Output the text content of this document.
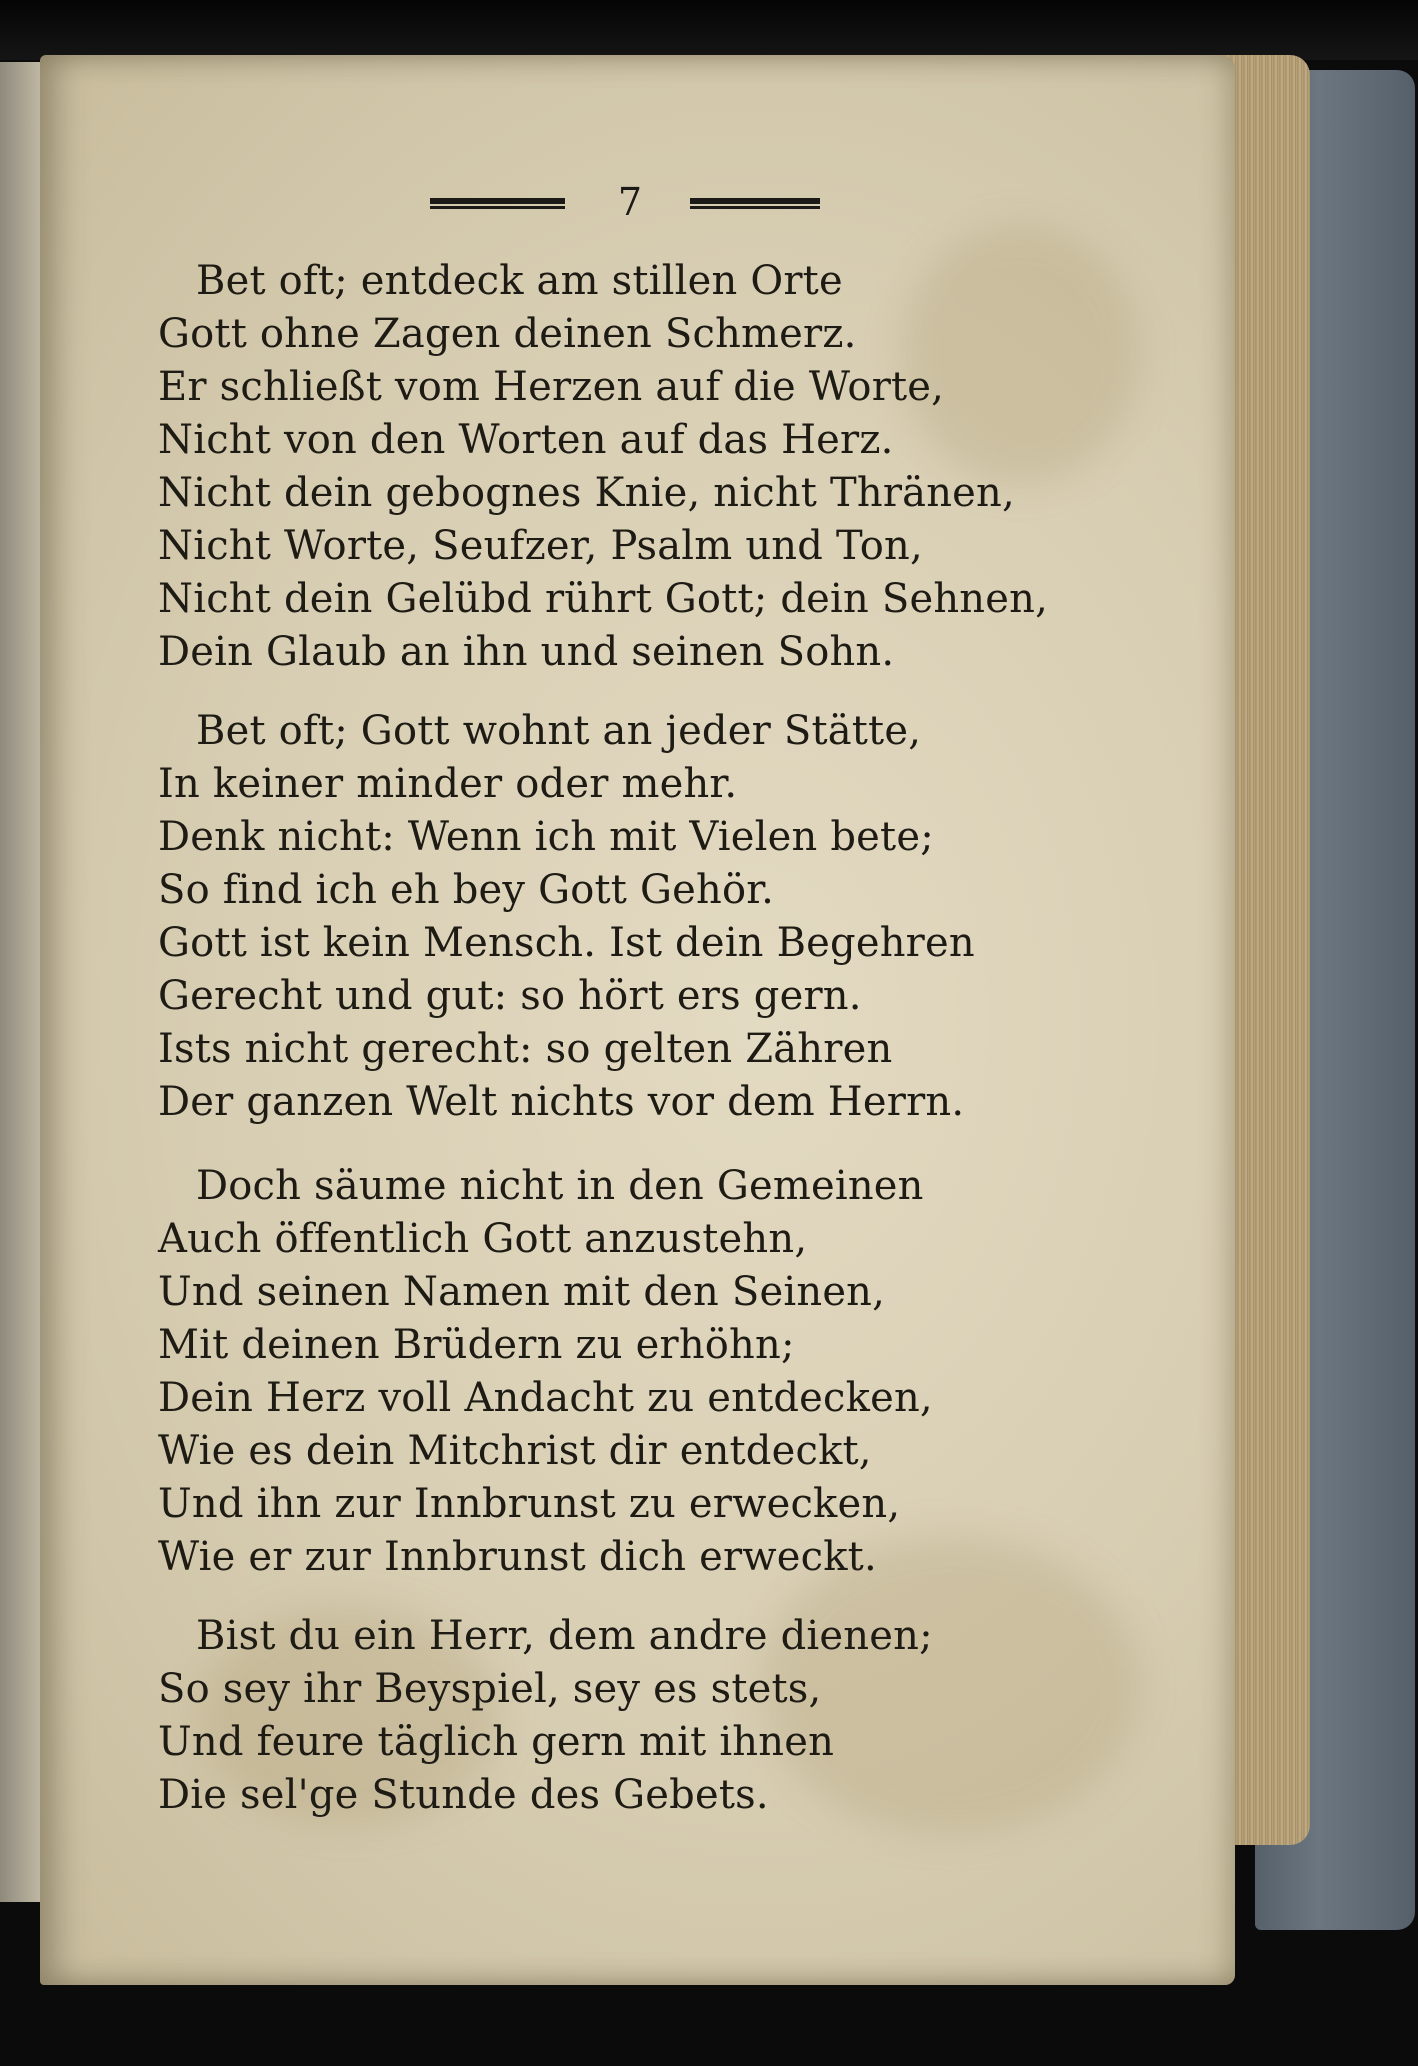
7
Bet oft; entdeck am stillen Orte
Gott ohne Zagen deinen Schmerz.
Er schließt vom Herzen auf die Worte,
Nicht von den Worten auf das Herz.
Nicht dein gebognes Knie, nicht Thränen,
Nicht Worte, Seufzer, Psalm und Ton,
Nicht dein Gelübd rührt Gott; dein Sehnen,
Dein Glaub an ihn und seinen Sohn.
Bet oft; Gott wohnt an jeder Stätte,
In keiner minder oder mehr.
Denk nicht: Wenn ich mit Vielen bete;
So find ich eh bey Gott Gehör.
Gott ist kein Mensch. Ist dein Begehren
Gerecht und gut: so hört ers gern.
Ists nicht gerecht: so gelten Zähren
Der ganzen Welt nichts vor dem Herrn.
Doch säume nicht in den Gemeinen
Auch öffentlich Gott anzustehn,
Und seinen Namen mit den Seinen,
Mit deinen Brüdern zu erhöhn;
Dein Herz voll Andacht zu entdecken,
Wie es dein Mitchrist dir entdeckt,
Und ihn zur Innbrunst zu erwecken,
Wie er zur Innbrunst dich erweckt.
Bist du ein Herr, dem andre dienen;
So sey ihr Beyspiel, sey es stets,
Und feure täglich gern mit ihnen
Die sel'ge Stunde des Gebets.
